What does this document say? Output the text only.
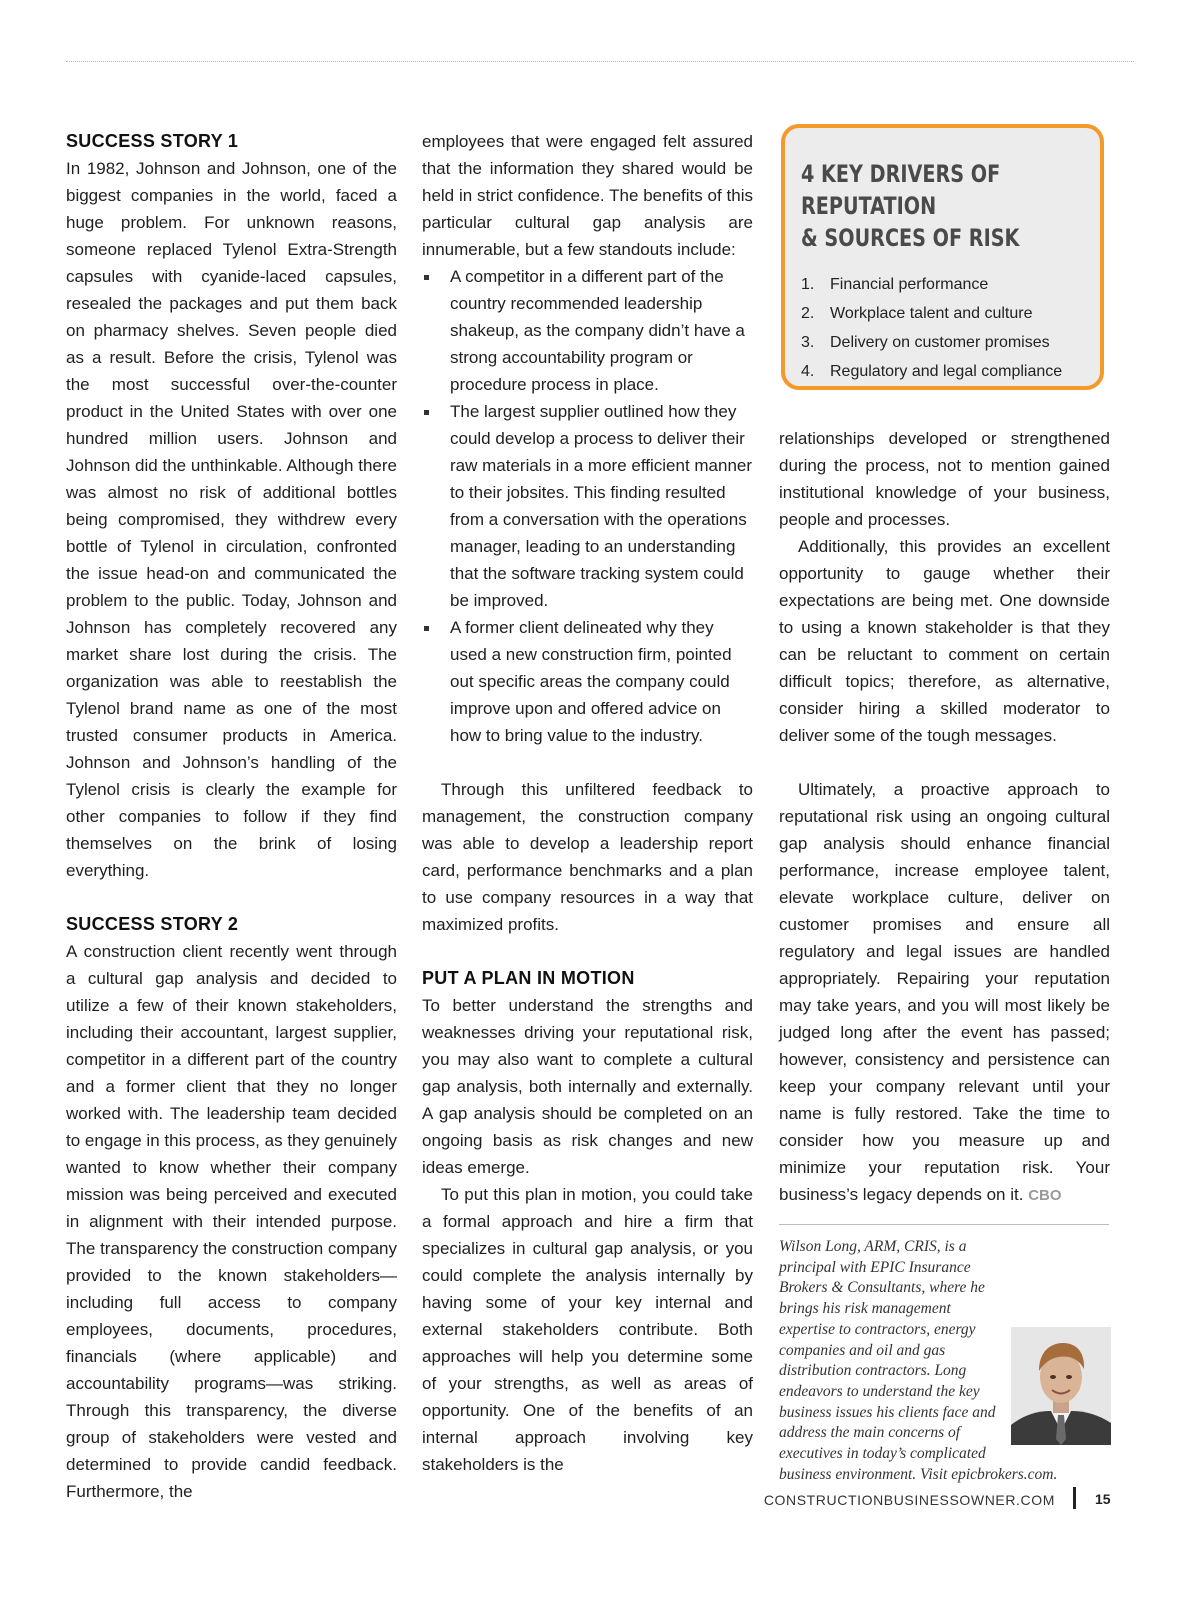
SUCCESS STORY 1

In 1982, Johnson and Johnson, one of the biggest companies in the world, faced a huge problem. For unknown reasons, someone replaced Tylenol Extra-Strength capsules with cyanide-laced capsules, resealed the packages and put them back on pharmacy shelves. Seven people died as a result. Before the crisis, Tylenol was the most successful over-the-counter product in the United States with over one hundred million users. Johnson and Johnson did the unthinkable. Although there was almost no risk of additional bottles being compromised, they withdrew every bottle of Tylenol in circulation, confronted the issue head-on and communicated the problem to the public. Today, Johnson and Johnson has completely recovered any market share lost during the crisis. The organization was able to reestablish the Tylenol brand name as one of the most trusted consumer products in America. Johnson and Johnson’s handling of the Tylenol crisis is clearly the example for other companies to follow if they find themselves on the brink of losing everything.

SUCCESS STORY 2

A construction client recently went through a cultural gap analysis and decided to utilize a few of their known stakeholders, including their accountant, largest supplier, competitor in a different part of the country and a former client that they no longer worked with. The leadership team decided to engage in this process, as they genuinely wanted to know whether their company mission was being perceived and executed in alignment with their intended purpose. The transparency the construction company provided to the known stakeholders—including full access to company employees, documents, procedures, financials (where applicable) and accountability programs—was striking. Through this transparency, the diverse group of stakeholders were vested and determined to provide candid feedback. Furthermore, the

employees that were engaged felt assured that the information they shared would be held in strict confidence. The benefits of this particular cultural gap analysis are innumerable, but a few standouts include:

A competitor in a different part of the country recommended leadership shakeup, as the company didn’t have a strong accountability program or procedure process in place.
The largest supplier outlined how they could develop a process to deliver their raw materials in a more efficient manner to their jobsites. This finding resulted from a conversation with the operations manager, leading to an understanding that the software tracking system could be improved.
A former client delineated why they used a new construction firm, pointed out specific areas the company could improve upon and offered advice on how to bring value to the industry.

Through this unfiltered feedback to management, the construction company was able to develop a leadership report card, performance benchmarks and a plan to use company resources in a way that maximized profits.

PUT A PLAN IN MOTION

To better understand the strengths and weaknesses driving your reputational risk, you may also want to complete a cultural gap analysis, both internally and externally. A gap analysis should be completed on an ongoing basis as risk changes and new ideas emerge.

To put this plan in motion, you could take a formal approach and hire a firm that specializes in cultural gap analysis, or you could complete the analysis internally by having some of your key internal and external stakeholders contribute. Both approaches will help you determine some of your strengths, as well as areas of opportunity. One of the benefits of an internal approach involving key stakeholders is the

4 KEY DRIVERS OF REPUTATION
& SOURCES OF RISK
1. Financial performance
2. Workplace talent and culture
3. Delivery on customer promises
4. Regulatory and legal compliance

relationships developed or strengthened during the process, not to mention gained institutional knowledge of your business, people and processes.

Additionally, this provides an excellent opportunity to gauge whether their expectations are being met. One downside to using a known stakeholder is that they can be reluctant to comment on certain difficult topics; therefore, as alternative, consider hiring a skilled moderator to deliver some of the tough messages.

Ultimately, a proactive approach to reputational risk using an ongoing cultural gap analysis should enhance financial performance, increase employee talent, elevate workplace culture, deliver on customer promises and ensure all regulatory and legal issues are handled appropriately. Repairing your reputation may take years, and you will most likely be judged long after the event has passed; however, consistency and persistence can keep your company relevant until your name is fully restored. Take the time to consider how you measure up and minimize your reputation risk. Your business’s legacy depends on it. CBO

Wilson Long, ARM, CRIS, is a principal with EPIC Insurance Brokers & Consultants, where he brings his risk management expertise to contractors, energy companies and oil and gas distribution contractors. Long endeavors to understand the key business issues his clients face and address the main concerns of executives in today’s complicated business environment. Visit epicbrokers.com.
CONSTRUCTIONBUSINESSOWNER.COM	15
